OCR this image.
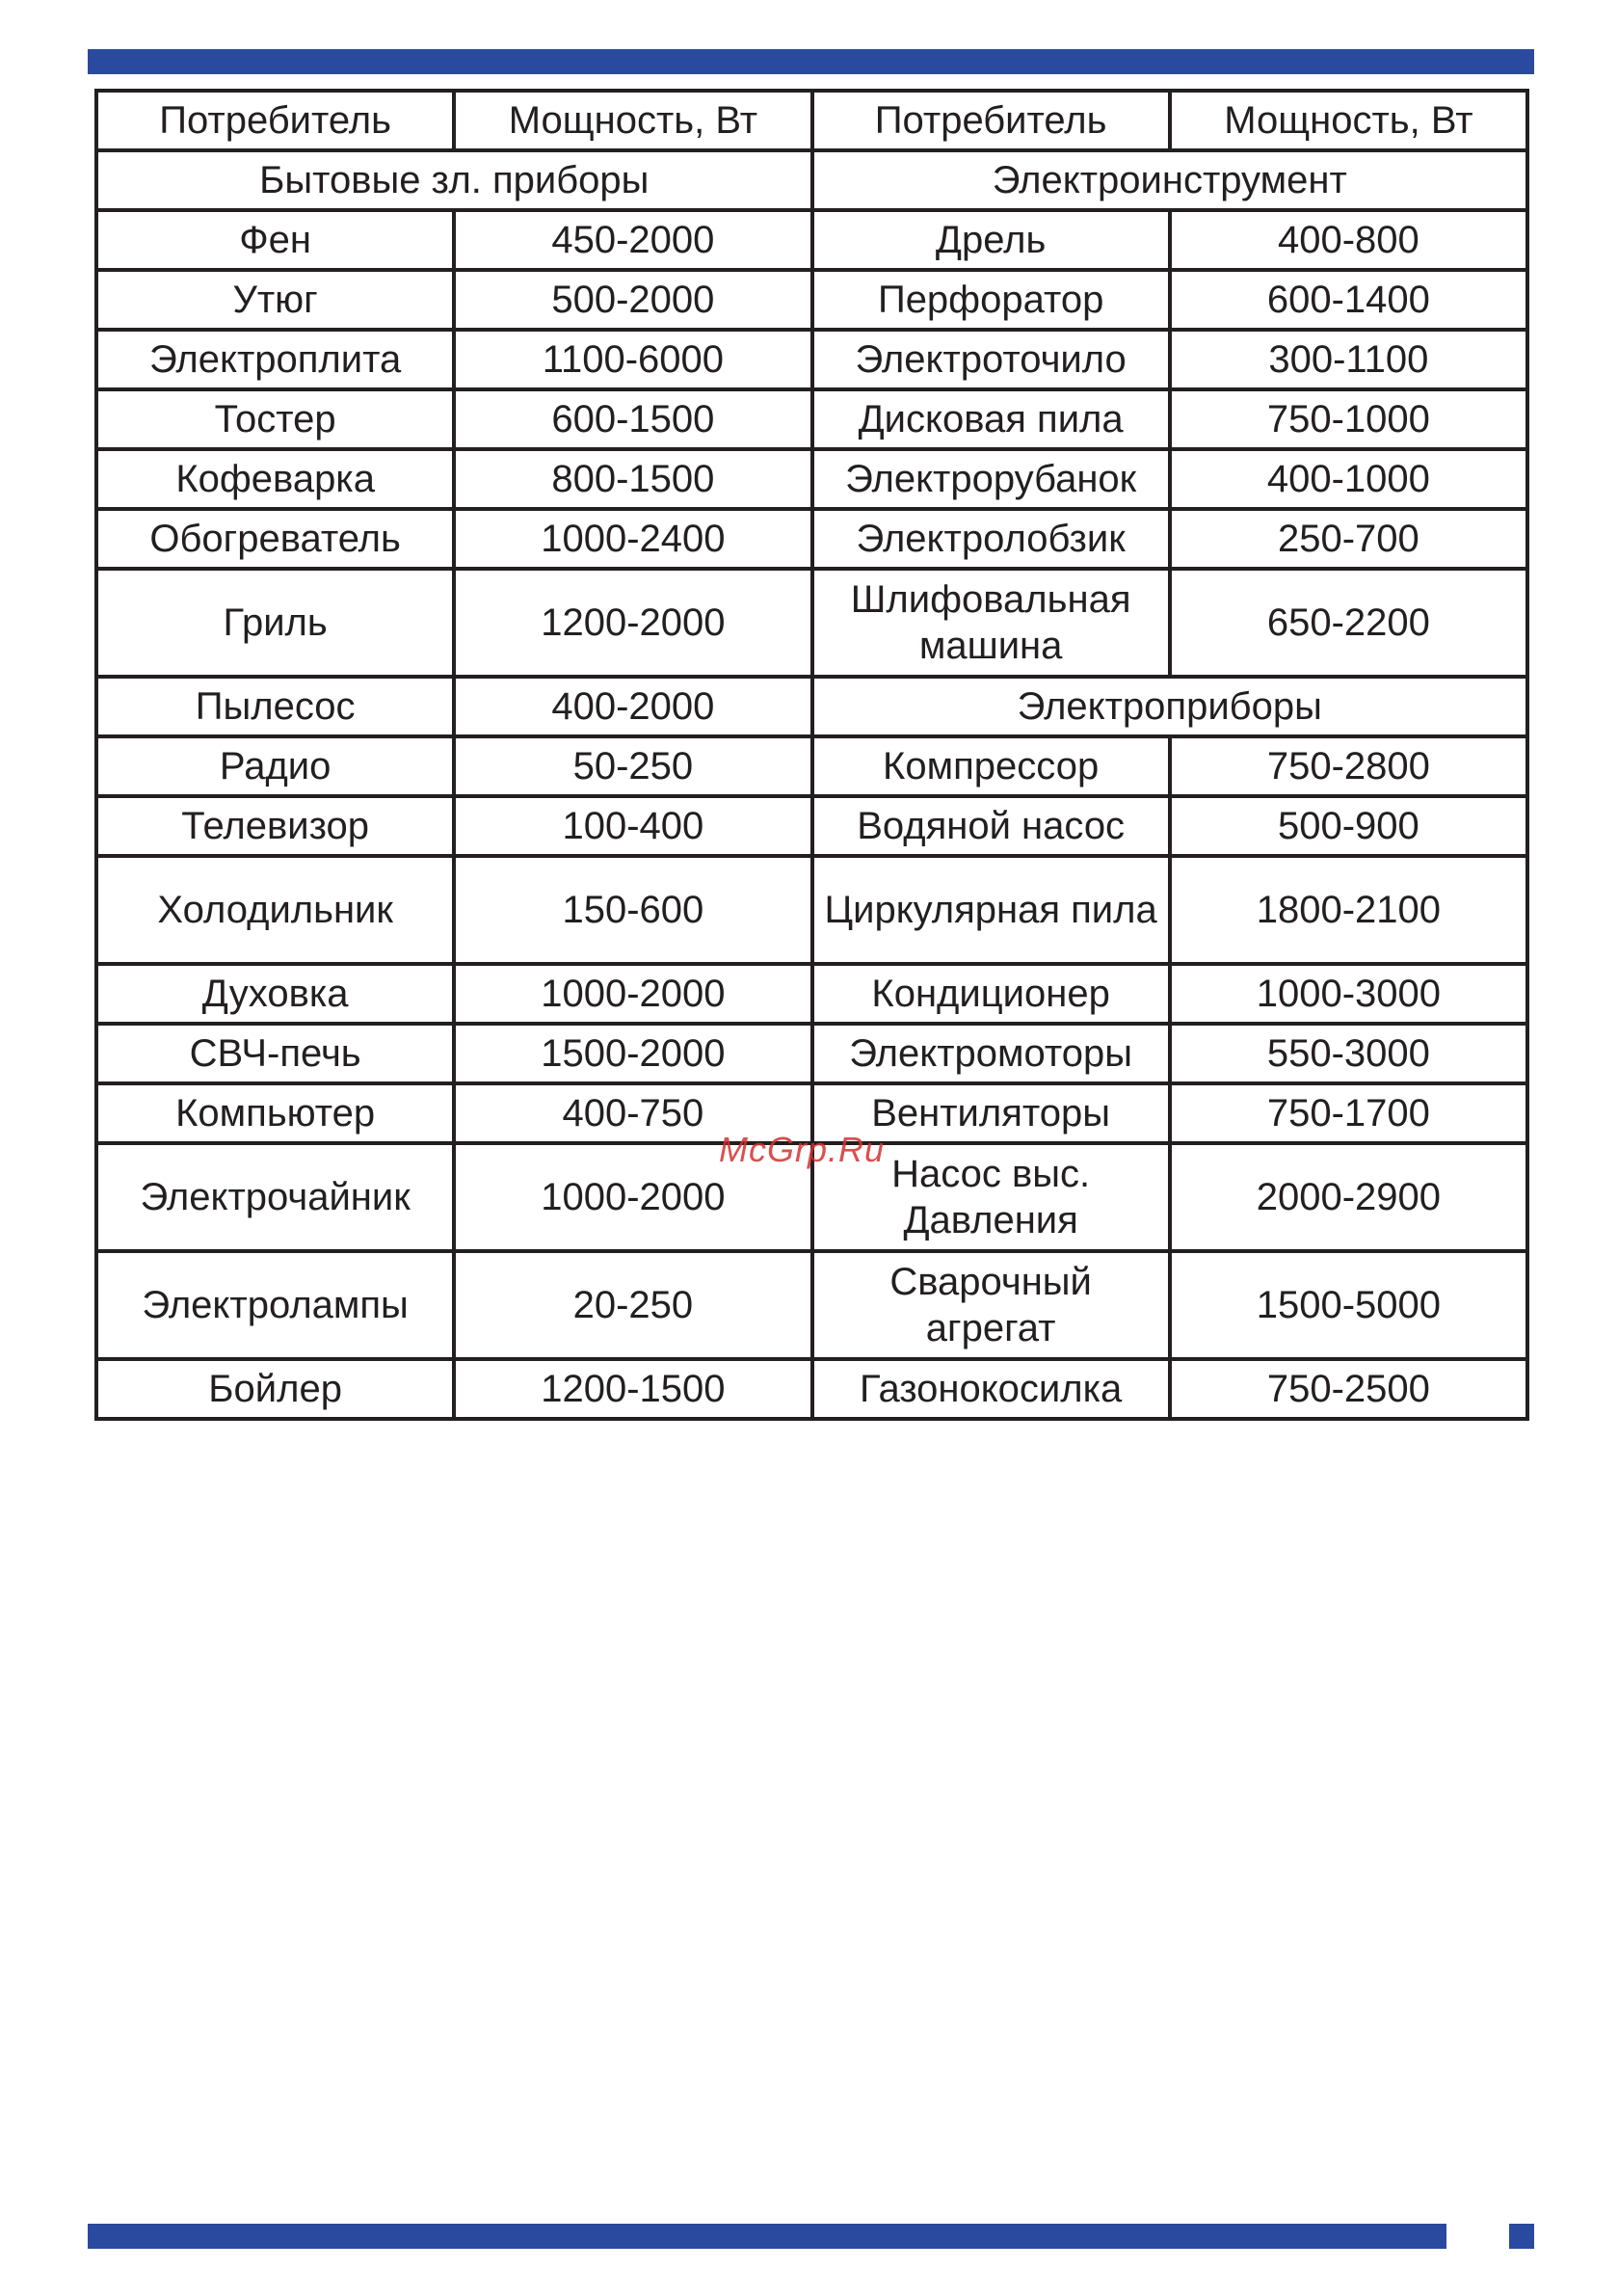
Потребитель	Мощность, Вт	Потребитель	Мощность, Вт
Бытовые зл. приборы		Электроинструмент	
Фен	450-2000	Дрель	400-800
Утюг	500-2000	Перфоратор	600-1400
Электроплита	1100-6000	Электроточило	300-1100
Тостер	600-1500	Дисковая пила	750-1000
Кофеварка	800-1500	Электрорубанок	400-1000
Обогреватель	1000-2400	Электролобзик	250-700
Гриль	1200-2000	Шлифовальная машина	650-2200
Пылесос	400-2000	Электроприборы	
Радио	50-250	Компрессор	750-2800
Телевизор	100-400	Водяной насос	500-900
Холодильник	150-600	Циркулярная пила	1800-2100
Духовка	1000-2000	Кондиционер	1000-3000
СВЧ-печь	1500-2000	Электромоторы	550-3000
Компьютер	400-750	Вентиляторы	750-1700
Электрочайник	1000-2000	Насос выс. Давления	2000-2900
Электролампы	20-250	Сварочный агрегат	1500-5000
Бойлер	1200-1500	Газонокосилка	750-2500
McGrp.Ru
